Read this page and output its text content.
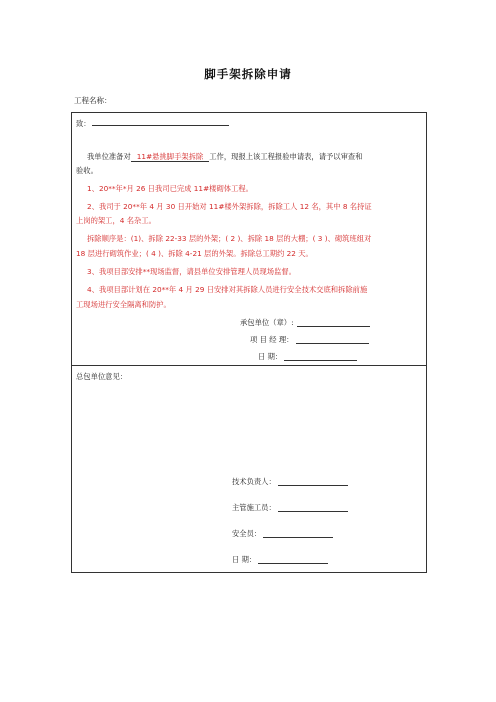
脚手架拆除申请
工程名称：
致：
我单位准备对 11#悬挑脚手架拆除 工作，现报上该工程报验申请表，请予以审查和
验收。
1、20**年*月 26 日我司已完成 11#楼砌体工程。
2、我司于 20**年 4 月 30 日开始对 11#楼外架拆除，拆除工人 12 名，其中 8 名持证
上岗的架工，4 名杂工。
拆除顺序是：(1)、拆除 22-33 层的外架；( 2 )、拆除 18 层的大棚；( 3 )、砌筑班组对
18 层进行砌筑作业；( 4 )、拆除 4-21 层的外架。拆除总工期约 22 天。
3、我项目部安排**现场监督，请县单位安排管理人员现场监督。
4、我项目部计划在 20**年 4 月 29 日安排对其拆除人员进行安全技术交底和拆除前施
工现场进行安全隔离和防护。
承包单位（章）:
项 目 经 理：
日 期：
总包单位意见：
技术负责人：
主管施工员：
安全员：
日 期：
